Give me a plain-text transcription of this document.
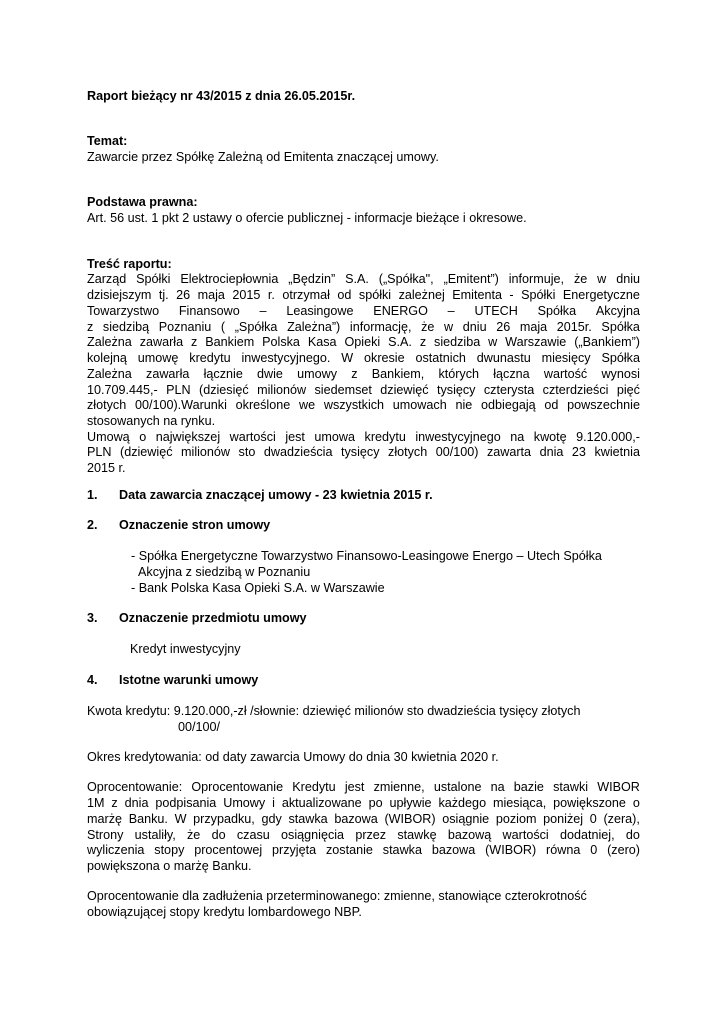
Raport bieżący nr 43/2015 z dnia 26.05.2015r.
Temat:
Zawarcie przez Spółkę Zależną od Emitenta znaczącej umowy.
Podstawa prawna:
Art. 56 ust. 1 pkt 2 ustawy o ofercie publicznej - informacje bieżące i okresowe.
Treść raportu:
Zarząd Spółki Elektrociepłownia „Będzin” S.A. („Spółka", „Emitent”) informuje, że w dniu
dzisiejszym tj. 26 maja 2015 r. otrzymał od spółki zależnej Emitenta - Spółki Energetyczne
Towarzystwo Finansowo – Leasingowe ENERGO – UTECH Spółka Akcyjna
z siedzibą Poznaniu ( „Spółka Zależna”) informację, że w dniu 26 maja 2015r. Spółka
Zależna zawarła z Bankiem Polska Kasa Opieki S.A. z siedziba w Warszawie („Bankiem”)
kolejną umowę kredytu inwestycyjnego. W okresie ostatnich dwunastu miesięcy Spółka
Zależna zawarła łącznie dwie umowy z Bankiem, których łączna wartość wynosi
10.709.445,- PLN (dziesięć milionów siedemset dziewięć tysięcy czterysta czterdzieści pięć
złotych 00/100).Warunki określone we wszystkich umowach nie odbiegają od powszechnie
stosowanych na rynku.
Umową o największej wartości jest umowa kredytu inwestycyjnego na kwotę 9.120.000,-
PLN (dziewięć milionów sto dwadzieścia tysięcy złotych 00/100) zawarta dnia 23 kwietnia
2015 r.
1. Data zawarcia znaczącej umowy - 23 kwietnia 2015 r.
2. Oznaczenie stron umowy
- Spółka Energetyczne Towarzystwo Finansowo-Leasingowe Energo – Utech Spółka
Akcyjna z siedzibą w Poznaniu
- Bank Polska Kasa Opieki S.A. w Warszawie
3. Oznaczenie przedmiotu umowy
Kredyt inwestycyjny
4. Istotne warunki umowy
Kwota kredytu: 9.120.000,-zł /słownie: dziewięć milionów sto dwadzieścia tysięcy złotych
00/100/
Okres kredytowania: od daty zawarcia Umowy do dnia 30 kwietnia 2020 r.
Oprocentowanie: Oprocentowanie Kredytu jest zmienne, ustalone na bazie stawki WIBOR
1M z dnia podpisania Umowy i aktualizowane po upływie każdego miesiąca, powiększone o
marżę Banku. W przypadku, gdy stawka bazowa (WIBOR) osiągnie poziom poniżej 0 (zera),
Strony ustaliły, że do czasu osiągnięcia przez stawkę bazową wartości dodatniej, do
wyliczenia stopy procentowej przyjęta zostanie stawka bazowa (WIBOR) równa 0 (zero)
powiększona o marżę Banku.
Oprocentowanie dla zadłużenia przeterminowanego: zmienne, stanowiące czterokrotność
obowiązującej stopy kredytu lombardowego NBP.
